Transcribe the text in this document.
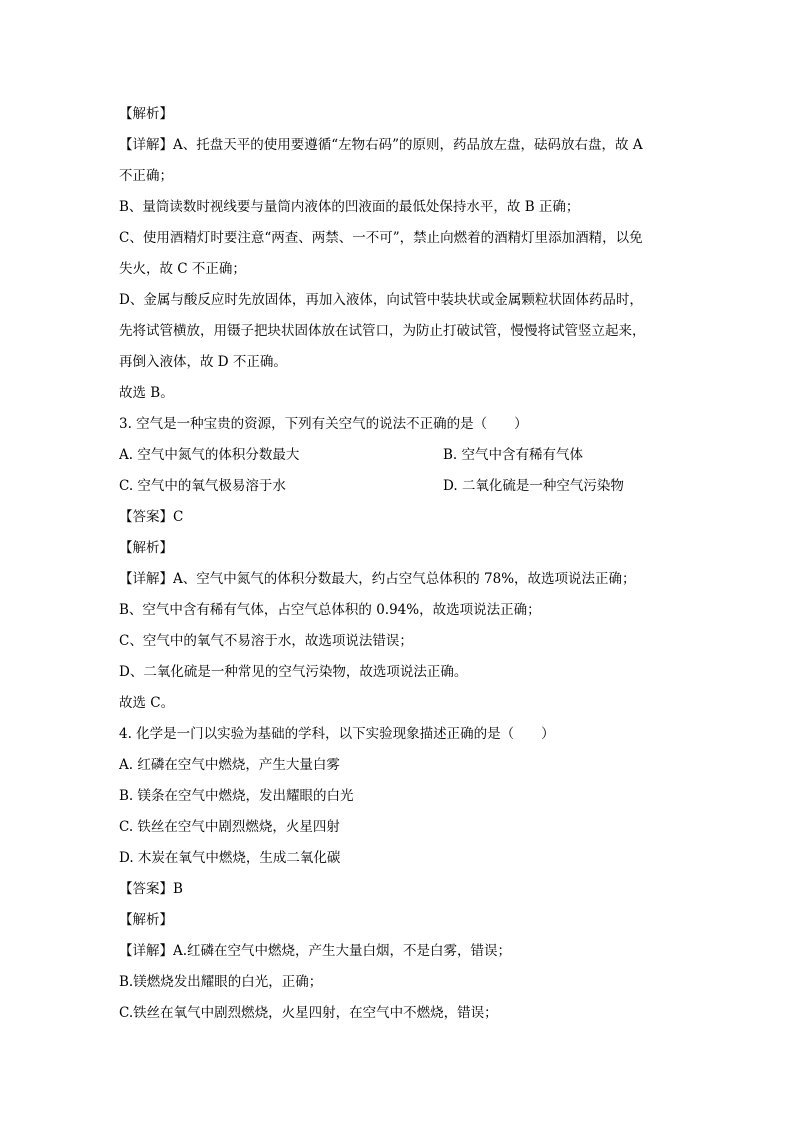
【解析】
【详解】A、托盘天平的使用要遵循“左物右码”的原则，药品放左盘，砝码放右盘，故 A
不正确；
B、量筒读数时视线要与量筒内液体的凹液面的最低处保持水平，故 B 正确；
C、使用酒精灯时要注意“两查、两禁、一不可”，禁止向燃着的酒精灯里添加酒精，以免
失火，故 C 不正确；
D、金属与酸反应时先放固体，再加入液体，向试管中装块状或金属颗粒状固体药品时，
先将试管横放，用镊子把块状固体放在试管口，为防止打破试管，慢慢将试管竖立起来，
再倒入液体，故 D 不正确。
故选 B。
3. 空气是一种宝贵的资源，下列有关空气的说法不正确的是（　　）
A. 空气中氮气的体积分数最大	B. 空气中含有稀有气体
C. 空气中的氧气极易溶于水	D. 二氧化硫是一种空气污染物
【答案】C
【解析】
【详解】A、空气中氮气的体积分数最大，约占空气总体积的 78%，故选项说法正确；
B、空气中含有稀有气体，占空气总体积的 0.94%，故选项说法正确；
C、空气中的氧气不易溶于水，故选项说法错误；
D、二氧化硫是一种常见的空气污染物，故选项说法正确。
故选 C。
4. 化学是一门以实验为基础的学科，以下实验现象描述正确的是（　　）
A. 红磷在空气中燃烧，产生大量白雾
B. 镁条在空气中燃烧，发出耀眼的白光
C. 铁丝在空气中剧烈燃烧，火星四射
D. 木炭在氧气中燃烧，生成二氧化碳
【答案】B
【解析】
【详解】A.红磷在空气中燃烧，产生大量白烟，不是白雾，错误；
B.镁燃烧发出耀眼的白光，正确；
C.铁丝在氧气中剧烈燃烧，火星四射，在空气中不燃烧，错误；
